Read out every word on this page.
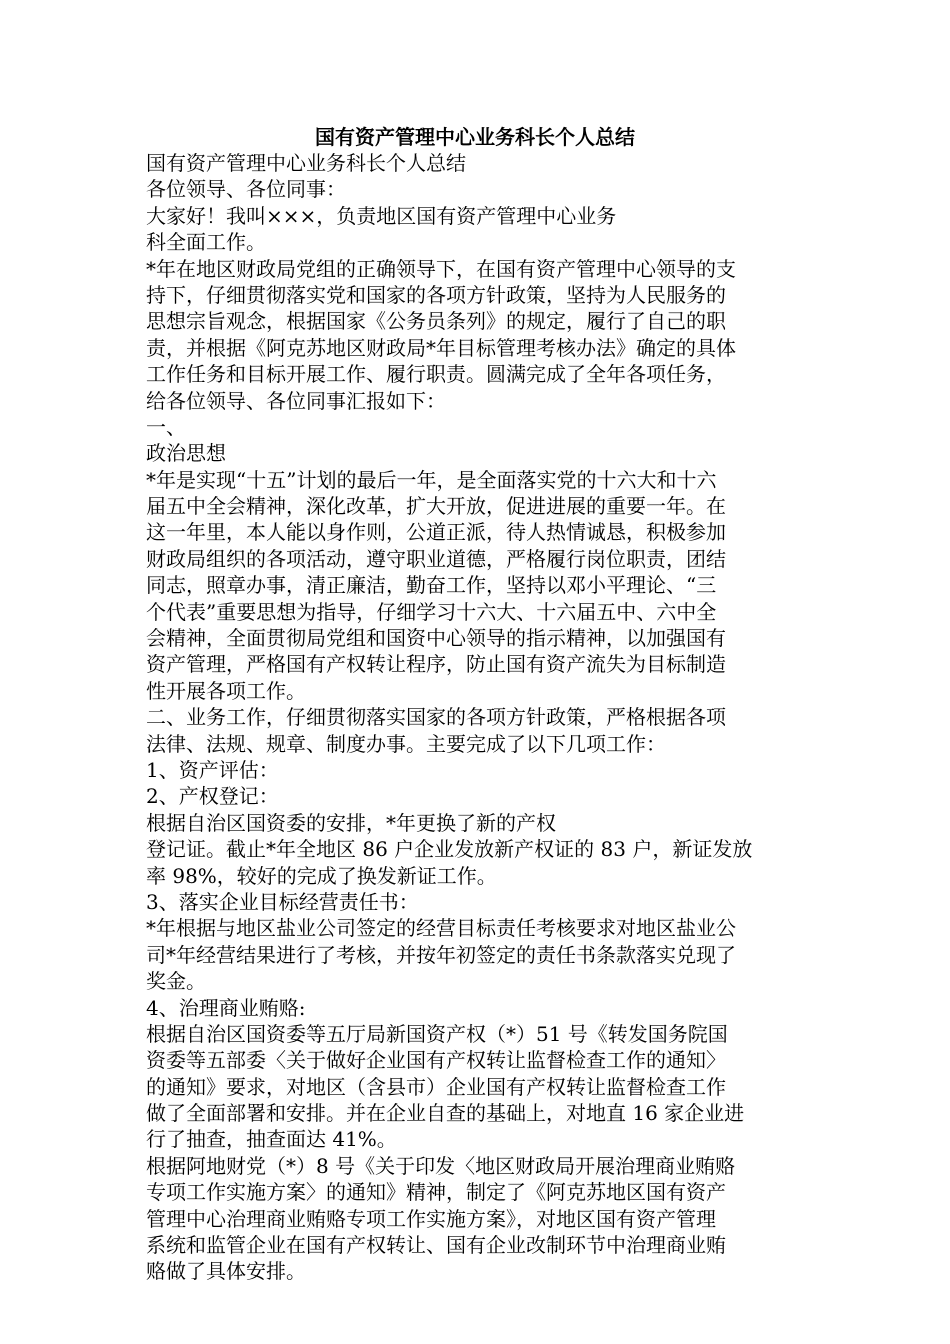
国有资产管理中心业务科长个人总结
国有资产管理中心业务科长个人总结
各位领导、各位同事：
大家好！我叫×××，负责地区国有资产管理中心业务
科全面工作。
*年在地区财政局党组的正确领导下，在国有资产管理中心领导的支
持下，仔细贯彻落实党和国家的各项方针政策，坚持为人民服务的
思想宗旨观念，根据国家《公务员条列》的规定，履行了自己的职
责，并根据《阿克苏地区财政局*年目标管理考核办法》确定的具体
工作任务和目标开展工作、履行职责。圆满完成了全年各项任务，
给各位领导、各位同事汇报如下：
一、
政治思想
*年是实现“十五”计划的最后一年，是全面落实党的十六大和十六
届五中全会精神，深化改革，扩大开放，促进进展的重要一年。在
这一年里，本人能以身作则，公道正派，待人热情诚恳，积极参加
财政局组织的各项活动，遵守职业道德，严格履行岗位职责，团结
同志，照章办事，清正廉洁，勤奋工作，坚持以邓小平理论、“三
个代表”重要思想为指导，仔细学习十六大、十六届五中、六中全
会精神，全面贯彻局党组和国资中心领导的指示精神，以加强国有
资产管理，严格国有产权转让程序，防止国有资产流失为目标制造
性开展各项工作。
二、业务工作，仔细贯彻落实国家的各项方针政策，严格根据各项
法律、法规、规章、制度办事。主要完成了以下几项工作：
1、资产评估：
2、产权登记：
根据自治区国资委的安排，*年更换了新的产权
登记证。截止*年全地区 86 户企业发放新产权证的 83 户，新证发放
率 98%，较好的完成了换发新证工作。
3、落实企业目标经营责任书：
*年根据与地区盐业公司签定的经营目标责任考核要求对地区盐业公
司*年经营结果进行了考核，并按年初签定的责任书条款落实兑现了
奖金。
4、治理商业贿赂:
根据自治区国资委等五厅局新国资产权（*）51 号《转发国务院国
资委等五部委〈关于做好企业国有产权转让监督检查工作的通知〉
的通知》要求，对地区（含县市）企业国有产权转让监督检查工作
做了全面部署和安排。并在企业自查的基础上，对地直 16 家企业进
行了抽查，抽查面达 41%。
根据阿地财党（*）8 号《关于印发〈地区财政局开展治理商业贿赂
专项工作实施方案〉的通知》精神，制定了《阿克苏地区国有资产
管理中心治理商业贿赂专项工作实施方案》，对地区国有资产管理
系统和监管企业在国有产权转让、国有企业改制环节中治理商业贿
赂做了具体安排。
